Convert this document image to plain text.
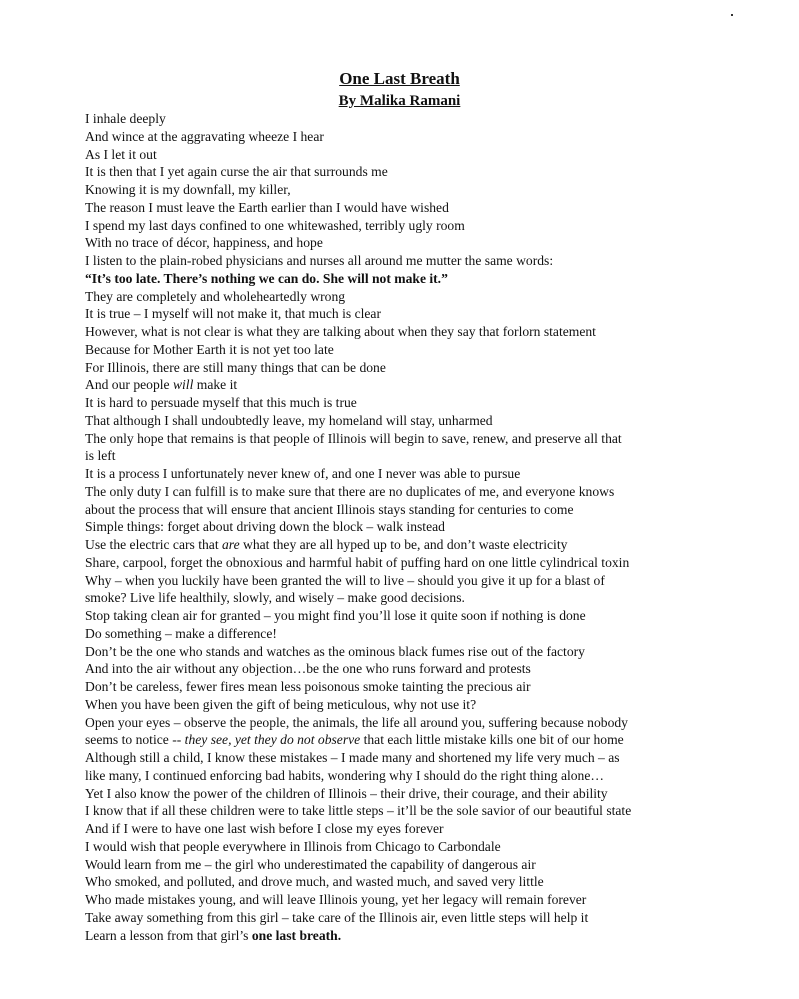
One Last Breath
By Malika Ramani
I inhale deeply
And wince at the aggravating wheeze I hear
As I let it out
It is then that I yet again curse the air that surrounds me
Knowing it is my downfall, my killer,
The reason I must leave the Earth earlier than I would have wished
I spend my last days confined to one whitewashed, terribly ugly room
With no trace of décor, happiness, and hope
I listen to the plain-robed physicians and nurses all around me mutter the same words:
“It’s too late. There’s nothing we can do. She will not make it.”
They are completely and wholeheartedly wrong
It is true – I myself will not make it, that much is clear
However, what is not clear is what they are talking about when they say that forlorn statement
Because for Mother Earth it is not yet too late
For Illinois, there are still many things that can be done
And our people will make it
It is hard to persuade myself that this much is true
That although I shall undoubtedly leave, my homeland will stay, unharmed
The only hope that remains is that people of Illinois will begin to save, renew, and preserve all that
is left
It is a process I unfortunately never knew of, and one I never was able to pursue
The only duty I can fulfill is to make sure that there are no duplicates of me, and everyone knows
about the process that will ensure that ancient Illinois stays standing for centuries to come
Simple things: forget about driving down the block – walk instead
Use the electric cars that are what they are all hyped up to be, and don’t waste electricity
Share, carpool, forget the obnoxious and harmful habit of puffing hard on one little cylindrical toxin
Why – when you luckily have been granted the will to live – should you give it up for a blast of
smoke? Live life healthily, slowly, and wisely – make good decisions.
Stop taking clean air for granted – you might find you’ll lose it quite soon if nothing is done
Do something – make a difference!
Don’t be the one who stands and watches as the ominous black fumes rise out of the factory
And into the air without any objection…be the one who runs forward and protests
Don’t be careless, fewer fires mean less poisonous smoke tainting the precious air
When you have been given the gift of being meticulous, why not use it?
Open your eyes – observe the people, the animals, the life all around you, suffering because nobody
seems to notice -- they see, yet they do not observe that each little mistake kills one bit of our home
Although still a child, I know these mistakes – I made many and shortened my life very much – as
like many, I continued enforcing bad habits, wondering why I should do the right thing alone…
Yet I also know the power of the children of Illinois – their drive, their courage, and their ability
I know that if all these children were to take little steps – it’ll be the sole savior of our beautiful state
And if I were to have one last wish before I close my eyes forever
I would wish that people everywhere in Illinois from Chicago to Carbondale
Would learn from me – the girl who underestimated the capability of dangerous air
Who smoked, and polluted, and drove much, and wasted much, and saved very little
Who made mistakes young, and will leave Illinois young, yet her legacy will remain forever
Take away something from this girl – take care of the Illinois air, even little steps will help it
Learn a lesson from that girl’s one last breath.
